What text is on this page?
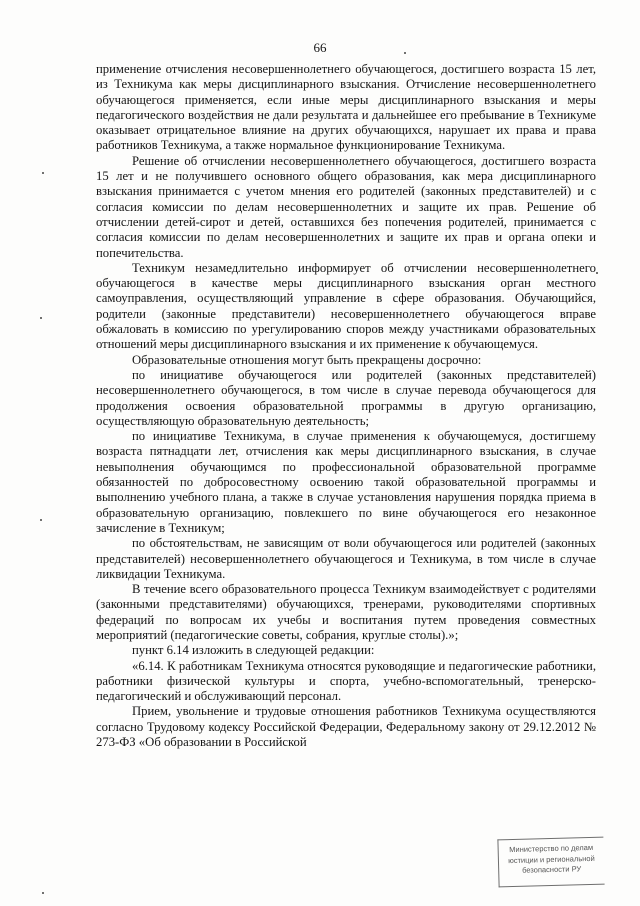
66

применение отчисления несовершеннолетнего обучающегося, достигшего возраста 15 лет, из Техникума как меры дисциплинарного взыскания. Отчисление несовершеннолетнего обучающегося применяется, если иные меры дисциплинарного взыскания и меры педагогического воздействия не дали результата и дальнейшее его пребывание в Техникуме оказывает отрицательное влияние на других обучающихся, нарушает их права и права работников Техникума, а также нормальное функционирование Техникума.

Решение об отчислении несовершеннолетнего обучающегося, достигшего возраста 15 лет и не получившего основного общего образования, как мера дисциплинарного взыскания принимается с учетом мнения его родителей (законных представителей) и с согласия комиссии по делам несовершеннолетних и защите их прав. Решение об отчислении детей-сирот и детей, оставшихся без попечения родителей, принимается с согласия комиссии по делам несовершеннолетних и защите их прав и органа опеки и попечительства.

Техникум незамедлительно информирует об отчислении несовершеннолетнего обучающегося в качестве меры дисциплинарного взыскания орган местного самоуправления, осуществляющий управление в сфере образования. Обучающийся, родители (законные представители) несовершеннолетнего обучающегося вправе обжаловать в комиссию по урегулированию споров между участниками образовательных отношений меры дисциплинарного взыскания и их применение к обучающемуся.

Образовательные отношения могут быть прекращены досрочно:

по инициативе обучающегося или родителей (законных представителей) несовершеннолетнего обучающегося, в том числе в случае перевода обучающегося для продолжения освоения образовательной программы в другую организацию, осуществляющую образовательную деятельность;

по инициативе Техникума, в случае применения к обучающемуся, достигшему возраста пятнадцати лет, отчисления как меры дисциплинарного взыскания, в случае невыполнения обучающимся по профессиональной образовательной программе обязанностей по добросовестному освоению такой образовательной программы и выполнению учебного плана, а также в случае установления нарушения порядка приема в образовательную организацию, повлекшего по вине обучающегося его незаконное зачисление в Техникум;

по обстоятельствам, не зависящим от воли обучающегося или родителей (законных представителей) несовершеннолетнего обучающегося и Техникума, в том числе в случае ликвидации Техникума.

В течение всего образовательного процесса Техникум взаимодействует с родителями (законными представителями) обучающихся, тренерами, руководителями спортивных федераций по вопросам их учебы и воспитания путем проведения совместных мероприятий (педагогические советы, собрания, круглые столы).»;

пункт 6.14 изложить в следующей редакции:

«6.14. К работникам Техникума относятся руководящие и педагогические работники, работники физической культуры и спорта, учебно-вспомогательный, тренерско-педагогический и обслуживающий персонал.

Прием, увольнение и трудовые отношения работников Техникума осуществляются согласно Трудовому кодексу Российской Федерации, Федеральному закону от 29.12.2012 № 273-ФЗ «Об образовании в Российской

Министерство по делам
юстиции и региональной
безопасности РУ
